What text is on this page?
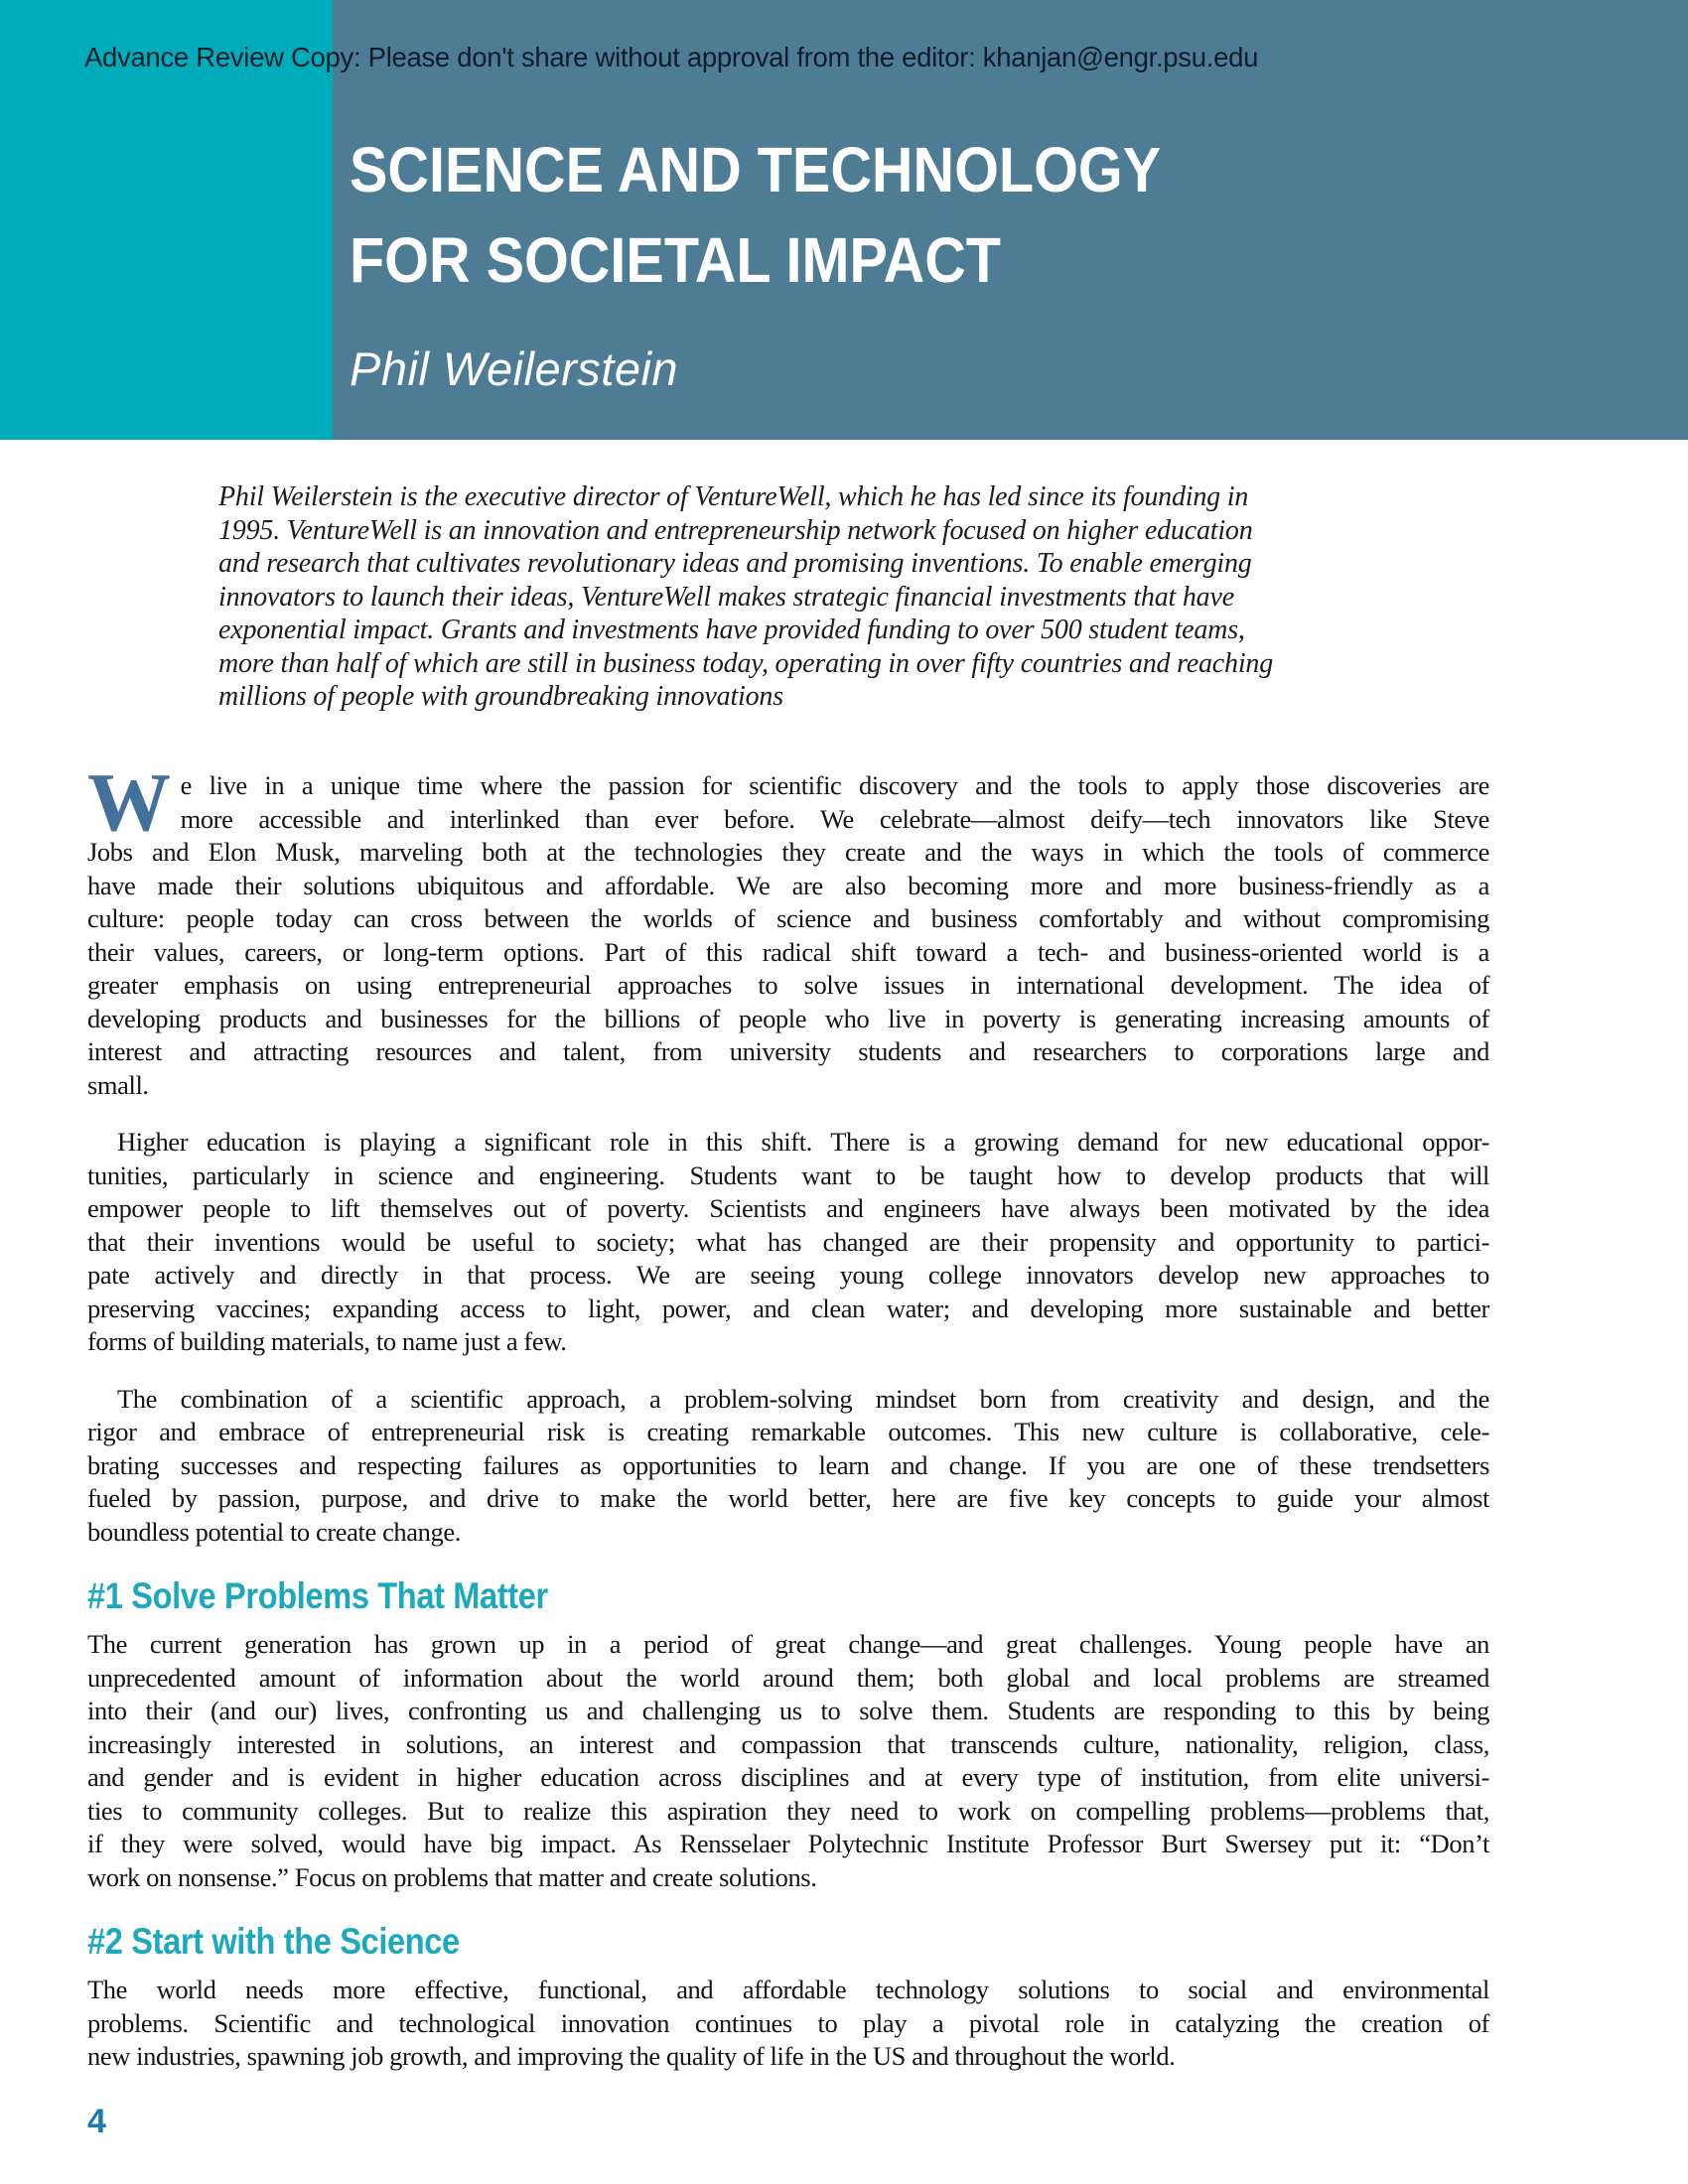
Advance Review Copy: Please don't share without approval from the editor: khanjan@engr.psu.edu
SCIENCE AND TECHNOLOGY
FOR SOCIETAL IMPACT
Phil Weilerstein
Phil Weilerstein is the executive director of VentureWell, which he has led since its founding in
1995. VentureWell is an innovation and entrepreneurship network focused on higher education
and research that cultivates revolutionary ideas and promising inventions. To enable emerging
innovators to launch their ideas, VentureWell makes strategic financial investments that have
exponential impact. Grants and investments have provided funding to over 500 student teams,
more than half of which are still in business today, operating in over fifty countries and reaching
millions of people with groundbreaking innovations
We live in a unique time where the passion for scientific discovery and the tools to apply those discoveries are
more accessible and interlinked than ever before. We celebrate—almost deify—tech innovators like Steve
Jobs and Elon Musk, marveling both at the technologies they create and the ways in which the tools of commerce
have made their solutions ubiquitous and affordable. We are also becoming more and more business-friendly as a
culture: people today can cross between the worlds of science and business comfortably and without compromising
their values, careers, or long-term options. Part of this radical shift toward a tech- and business-oriented world is a
greater emphasis on using entrepreneurial approaches to solve issues in international development. The idea of
developing products and businesses for the billions of people who live in poverty is generating increasing amounts of
interest and attracting resources and talent, from university students and researchers to corporations large and
small.
Higher education is playing a significant role in this shift. There is a growing demand for new educational oppor-
tunities, particularly in science and engineering. Students want to be taught how to develop products that will
empower people to lift themselves out of poverty. Scientists and engineers have always been motivated by the idea
that their inventions would be useful to society; what has changed are their propensity and opportunity to partici-
pate actively and directly in that process. We are seeing young college innovators develop new approaches to
preserving vaccines; expanding access to light, power, and clean water; and developing more sustainable and better
forms of building materials, to name just a few.
The combination of a scientific approach, a problem-solving mindset born from creativity and design, and the
rigor and embrace of entrepreneurial risk is creating remarkable outcomes. This new culture is collaborative, cele-
brating successes and respecting failures as opportunities to learn and change. If you are one of these trendsetters
fueled by passion, purpose, and drive to make the world better, here are five key concepts to guide your almost
boundless potential to create change.
#1 Solve Problems That Matter
The current generation has grown up in a period of great change—and great challenges. Young people have an
unprecedented amount of information about the world around them; both global and local problems are streamed
into their (and our) lives, confronting us and challenging us to solve them. Students are responding to this by being
increasingly interested in solutions, an interest and compassion that transcends culture, nationality, religion, class,
and gender and is evident in higher education across disciplines and at every type of institution, from elite universi-
ties to community colleges. But to realize this aspiration they need to work on compelling problems—problems that,
if they were solved, would have big impact. As Rensselaer Polytechnic Institute Professor Burt Swersey put it: “Don’t
work on nonsense.” Focus on problems that matter and create solutions.
#2 Start with the Science
The world needs more effective, functional, and affordable technology solutions to social and environmental
problems. Scientific and technological innovation continues to play a pivotal role in catalyzing the creation of
new industries, spawning job growth, and improving the quality of life in the US and throughout the world.
4
